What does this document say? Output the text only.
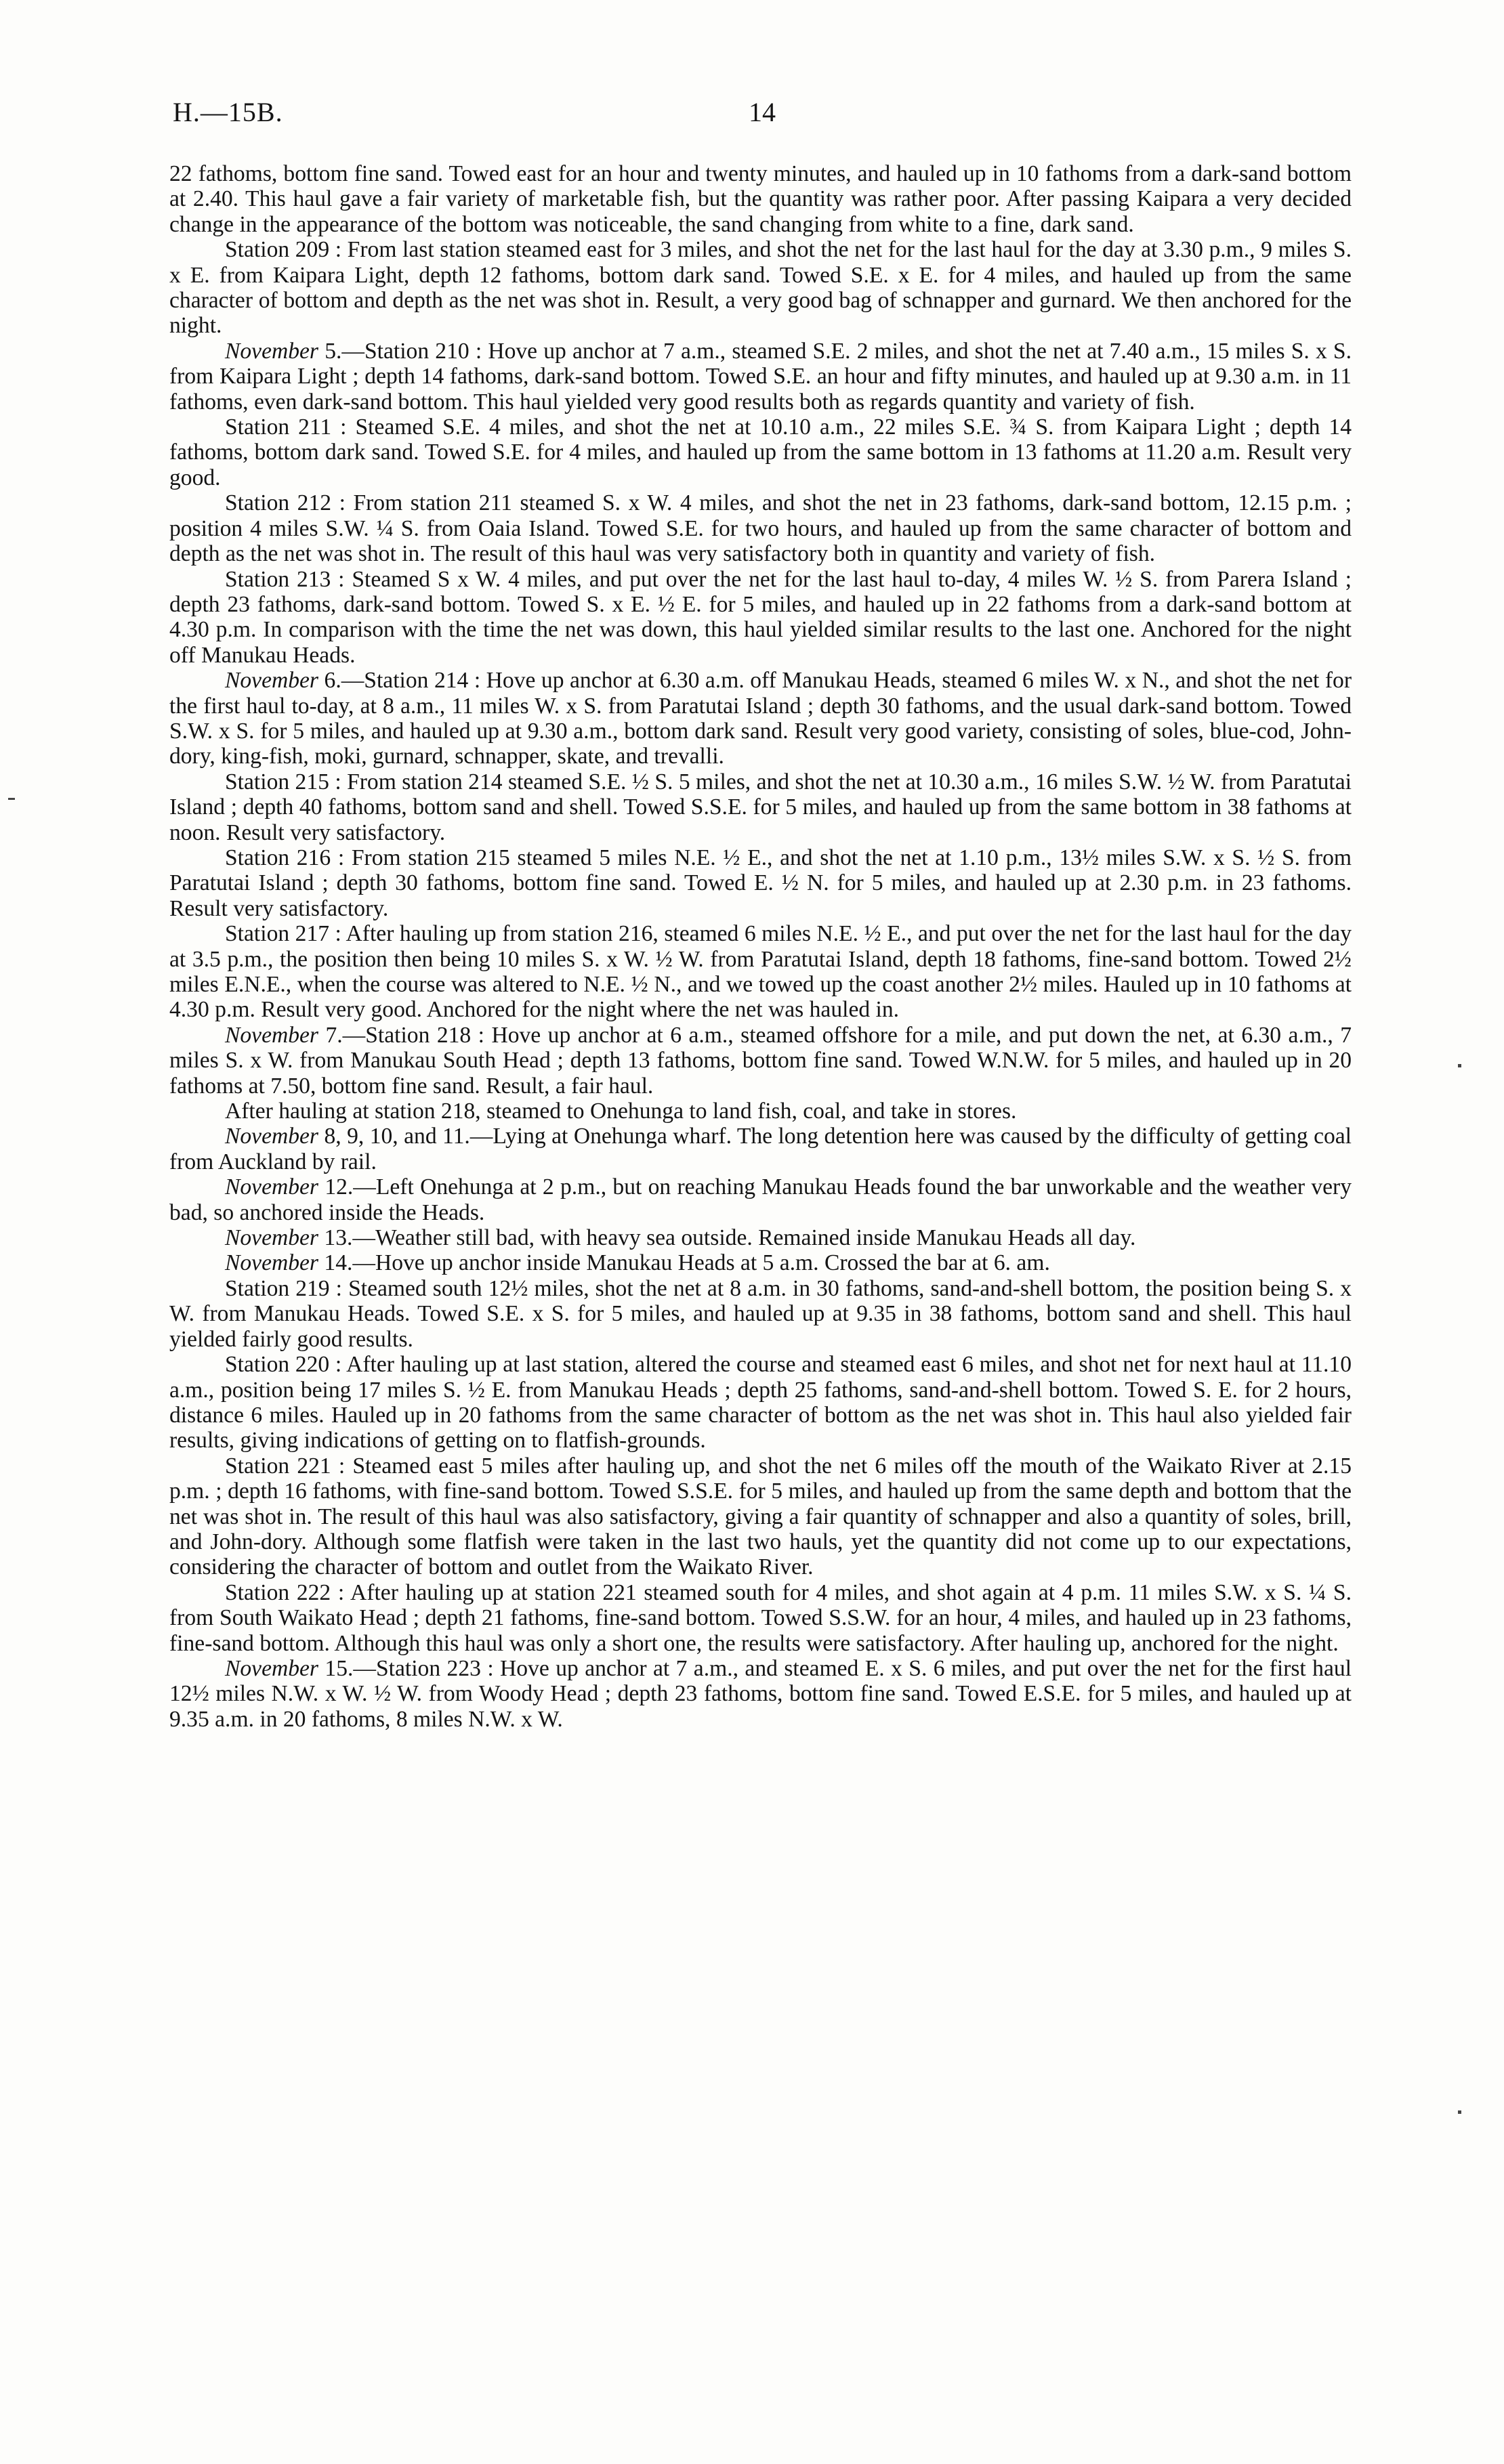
H.—15B.	14

22 fathoms, bottom fine sand. Towed east for an hour and twenty minutes, and hauled up in 10 fathoms from a dark-sand bottom at 2.40. This haul gave a fair variety of marketable fish, but the quantity was rather poor. After passing Kaipara a very decided change in the appearance of the bottom was noticeable, the sand changing from white to a fine, dark sand.

Station 209 : From last station steamed east for 3 miles, and shot the net for the last haul for the day at 3.30 p.m., 9 miles S. x E. from Kaipara Light, depth 12 fathoms, bottom dark sand. Towed S.E. x E. for 4 miles, and hauled up from the same character of bottom and depth as the net was shot in. Result, a very good bag of schnapper and gurnard. We then anchored for the night.

November 5.—Station 210 : Hove up anchor at 7 a.m., steamed S.E. 2 miles, and shot the net at 7.40 a.m., 15 miles S. x S. from Kaipara Light ; depth 14 fathoms, dark-sand bottom. Towed S.E. an hour and fifty minutes, and hauled up at 9.30 a.m. in 11 fathoms, even dark-sand bottom. This haul yielded very good results both as regards quantity and variety of fish.

Station 211 : Steamed S.E. 4 miles, and shot the net at 10.10 a.m., 22 miles S.E. ¾ S. from Kaipara Light ; depth 14 fathoms, bottom dark sand. Towed S.E. for 4 miles, and hauled up from the same bottom in 13 fathoms at 11.20 a.m. Result very good.

Station 212 : From station 211 steamed S. x W. 4 miles, and shot the net in 23 fathoms, dark-sand bottom, 12.15 p.m. ; position 4 miles S.W. ¼ S. from Oaia Island. Towed S.E. for two hours, and hauled up from the same character of bottom and depth as the net was shot in. The result of this haul was very satisfactory both in quantity and variety of fish.

Station 213 : Steamed S x W. 4 miles, and put over the net for the last haul to-day, 4 miles W. ½ S. from Parera Island ; depth 23 fathoms, dark-sand bottom. Towed S. x E. ½ E. for 5 miles, and hauled up in 22 fathoms from a dark-sand bottom at 4.30 p.m. In comparison with the time the net was down, this haul yielded similar results to the last one. Anchored for the night off Manukau Heads.

November 6.—Station 214 : Hove up anchor at 6.30 a.m. off Manukau Heads, steamed 6 miles W. x N., and shot the net for the first haul to-day, at 8 a.m., 11 miles W. x S. from Paratutai Island ; depth 30 fathoms, and the usual dark-sand bottom. Towed S.W. x S. for 5 miles, and hauled up at 9.30 a.m., bottom dark sand. Result very good variety, consisting of soles, blue-cod, John-dory, king-fish, moki, gurnard, schnapper, skate, and trevalli.

Station 215 : From station 214 steamed S.E. ½ S. 5 miles, and shot the net at 10.30 a.m., 16 miles S.W. ½ W. from Paratutai Island ; depth 40 fathoms, bottom sand and shell. Towed S.S.E. for 5 miles, and hauled up from the same bottom in 38 fathoms at noon. Result very satisfactory.

Station 216 : From station 215 steamed 5 miles N.E. ½ E., and shot the net at 1.10 p.m., 13½ miles S.W. x S. ½ S. from Paratutai Island ; depth 30 fathoms, bottom fine sand. Towed E. ½ N. for 5 miles, and hauled up at 2.30 p.m. in 23 fathoms. Result very satisfactory.

Station 217 : After hauling up from station 216, steamed 6 miles N.E. ½ E., and put over the net for the last haul for the day at 3.5 p.m., the position then being 10 miles S. x W. ½ W. from Paratutai Island, depth 18 fathoms, fine-sand bottom. Towed 2½ miles E.N.E., when the course was altered to N.E. ½ N., and we towed up the coast another 2½ miles. Hauled up in 10 fathoms at 4.30 p.m. Result very good. Anchored for the night where the net was hauled in.

November 7.—Station 218 : Hove up anchor at 6 a.m., steamed offshore for a mile, and put down the net, at 6.30 a.m., 7 miles S. x W. from Manukau South Head ; depth 13 fathoms, bottom fine sand. Towed W.N.W. for 5 miles, and hauled up in 20 fathoms at 7.50, bottom fine sand. Result, a fair haul.

After hauling at station 218, steamed to Onehunga to land fish, coal, and take in stores.

November 8, 9, 10, and 11.—Lying at Onehunga wharf. The long detention here was caused by the difficulty of getting coal from Auckland by rail.

November 12.—Left Onehunga at 2 p.m., but on reaching Manukau Heads found the bar unworkable and the weather very bad, so anchored inside the Heads.

November 13.—Weather still bad, with heavy sea outside. Remained inside Manukau Heads all day.

November 14.—Hove up anchor inside Manukau Heads at 5 a.m. Crossed the bar at 6. am.

Station 219 : Steamed south 12½ miles, shot the net at 8 a.m. in 30 fathoms, sand-and-shell bottom, the position being S. x W. from Manukau Heads. Towed S.E. x S. for 5 miles, and hauled up at 9.35 in 38 fathoms, bottom sand and shell. This haul yielded fairly good results.

Station 220 : After hauling up at last station, altered the course and steamed east 6 miles, and shot net for next haul at 11.10 a.m., position being 17 miles S. ½ E. from Manukau Heads ; depth 25 fathoms, sand-and-shell bottom. Towed S. E. for 2 hours, distance 6 miles. Hauled up in 20 fathoms from the same character of bottom as the net was shot in. This haul also yielded fair results, giving indications of getting on to flatfish-grounds.

Station 221 : Steamed east 5 miles after hauling up, and shot the net 6 miles off the mouth of the Waikato River at 2.15 p.m. ; depth 16 fathoms, with fine-sand bottom. Towed S.S.E. for 5 miles, and hauled up from the same depth and bottom that the net was shot in. The result of this haul was also satisfactory, giving a fair quantity of schnapper and also a quantity of soles, brill, and John-dory. Although some flatfish were taken in the last two hauls, yet the quantity did not come up to our expectations, considering the character of bottom and outlet from the Waikato River.

Station 222 : After hauling up at station 221 steamed south for 4 miles, and shot again at 4 p.m. 11 miles S.W. x S. ¼ S. from South Waikato Head ; depth 21 fathoms, fine-sand bottom. Towed S.S.W. for an hour, 4 miles, and hauled up in 23 fathoms, fine-sand bottom. Although this haul was only a short one, the results were satisfactory. After hauling up, anchored for the night.

November 15.—Station 223 : Hove up anchor at 7 a.m., and steamed E. x S. 6 miles, and put over the net for the first haul 12½ miles N.W. x W. ½ W. from Woody Head ; depth 23 fathoms, bottom fine sand. Towed E.S.E. for 5 miles, and hauled up at 9.35 a.m. in 20 fathoms, 8 miles N.W. x W.
